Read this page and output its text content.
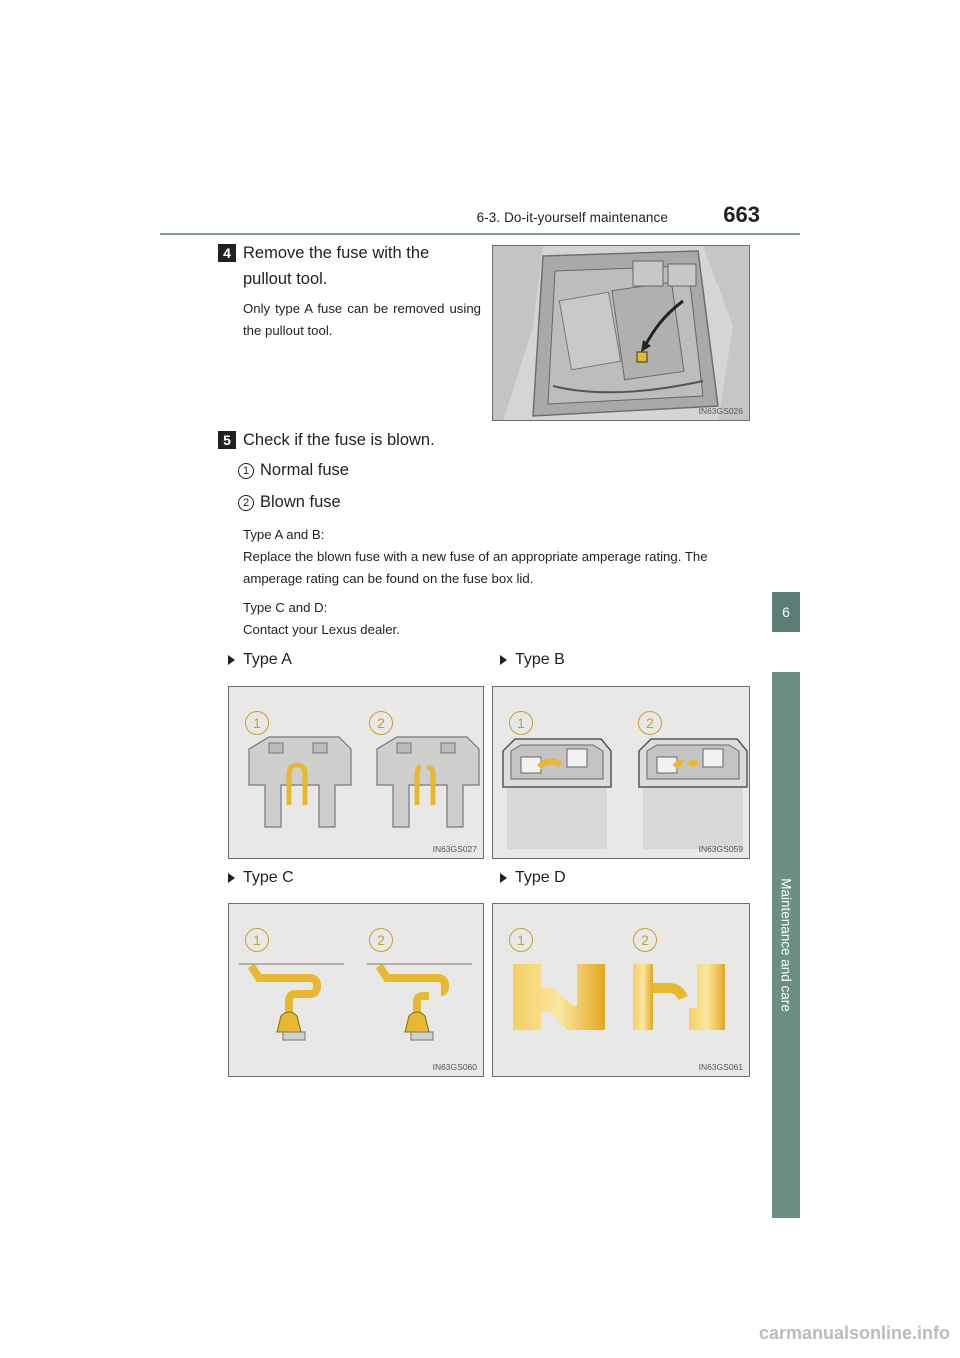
6-3. Do-it-yourself maintenance	663
6
Maintenance and care
4 Remove the fuse with the pullout tool.
Only type A fuse can be removed using the pullout tool.
IN63GS026
5 Check if the fuse is blown.
1 Normal fuse
2 Blown fuse
Type A and B:
Replace the blown fuse with a new fuse of an appropriate amperage rating. The amperage rating can be found on the fuse box lid.
Type C and D:
Contact your Lexus dealer.
Type A	Type B
Type C	Type D
1	2
IN63GS027
1	2
IN63GS059
1	2
IN63GS060
1	2
IN63GS061
carmanualsonline.info
